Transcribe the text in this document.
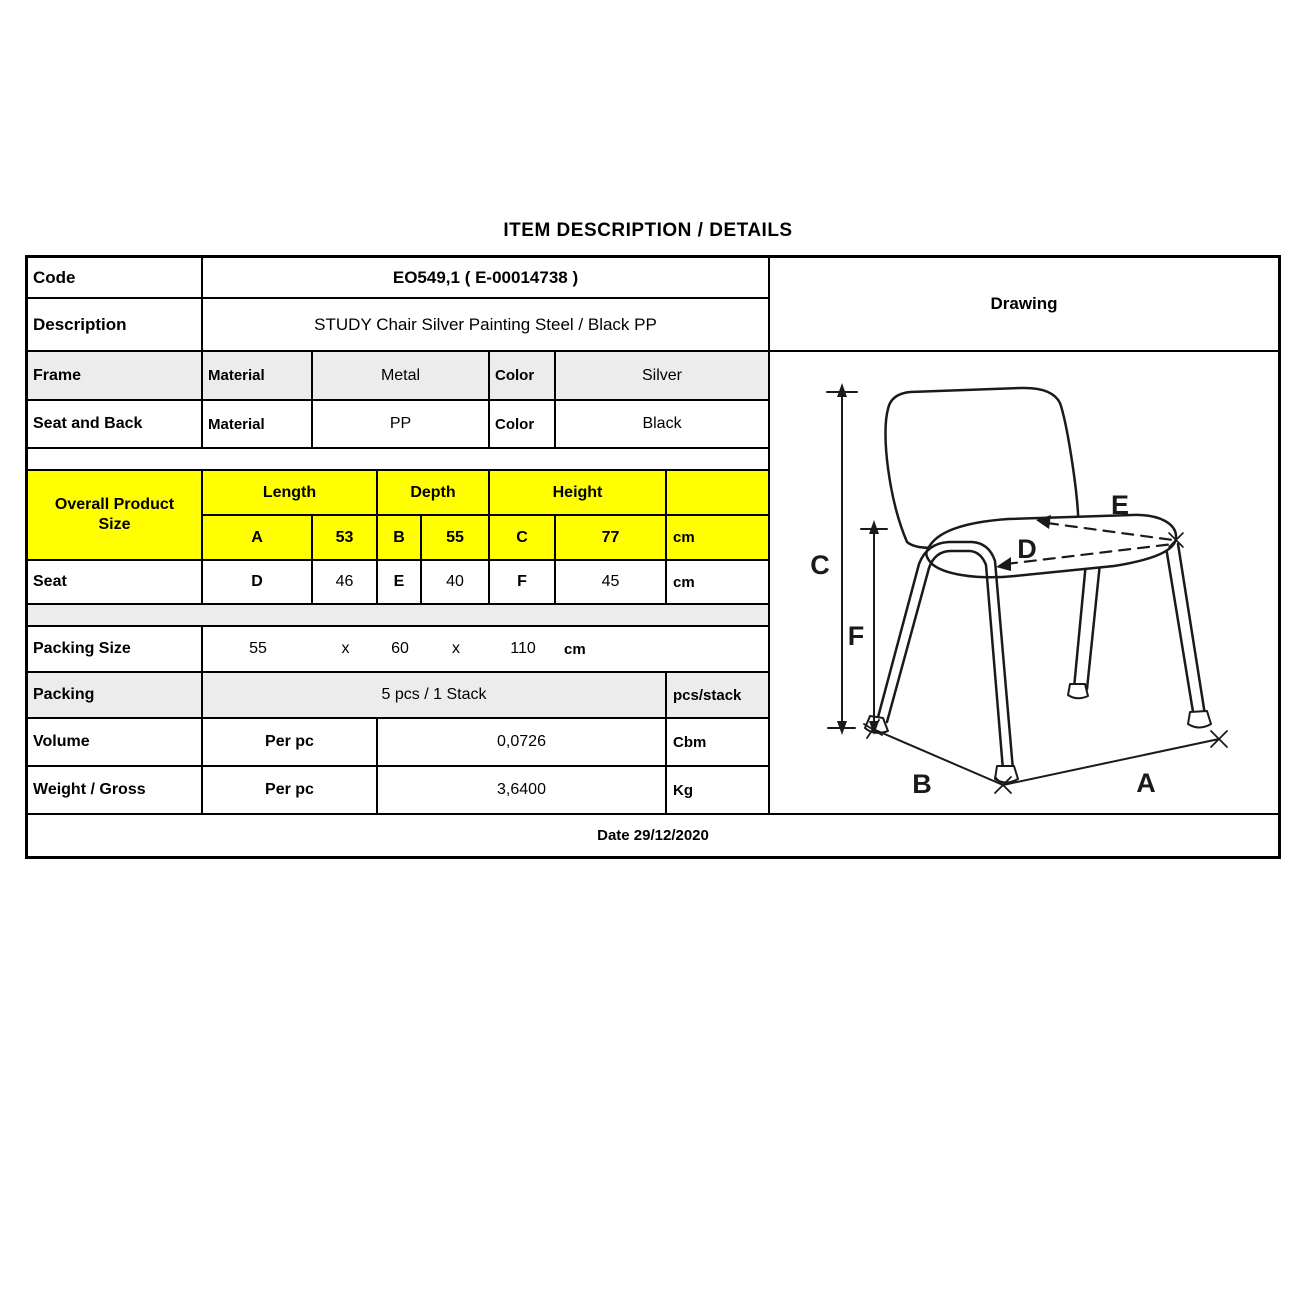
ITEM DESCRIPTION / DETAILS
Code	EO549,1 ( E-00014738 )
Description	STUDY Chair Silver Painting Steel / Black PP
Frame	Material	Metal	Color	Silver
Seat and Back	Material	PP	Color	Black
Overall Product
Size
Length	Depth	Height
A	53	B	55	C	77	cm
Seat	D	46	E	40	F	45	cm
Packing Size	55	x	60	x	110	cm
Packing	5 pcs / 1 Stack	pcs/stack
Volume	Per pc	0,0726	Cbm
Weight / Gross	Per pc	3,6400	Kg
Drawing
C
F
E
D
B	A
Date 29/12/2020
